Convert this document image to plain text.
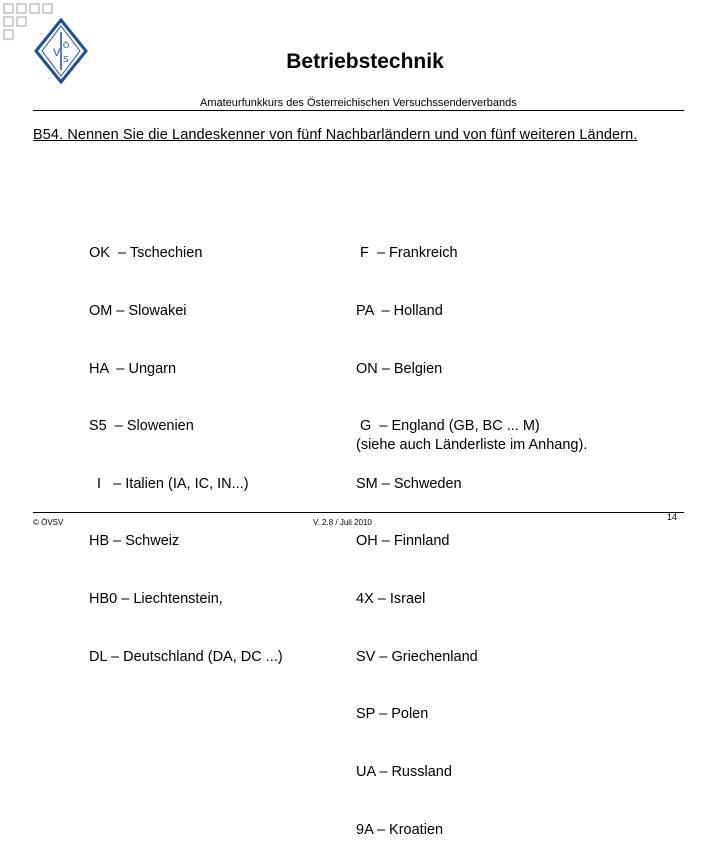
V
Ö
S	Betriebstechnik
Amateurfunkkurs des Österreichischen Versuchssenderverbands
B54. Nennen Sie die Landeskenner von fünf Nachbarländern und von fünf weiteren Ländern.

OK  – Tschechien

OM – Slowakei

HA  – Ungarn

S5  – Slowenien

I   – Italien (IA, IC, IN...)

HB – Schweiz

HB0 – Liechtenstein,

DL – Deutschland (DA, DC ...)

F  – Frankreich

PA  – Holland

ON – Belgien

G  – England (GB, BC ... M)

SM – Schweden

OH – Finnland

4X – Israel

SV – Griechenland

SP – Polen

UA – Russland

9A – Kroatien

(siehe auch Länderliste im Anhang).
© ÖVSV	V. 2.8 / Juli 2010
14
